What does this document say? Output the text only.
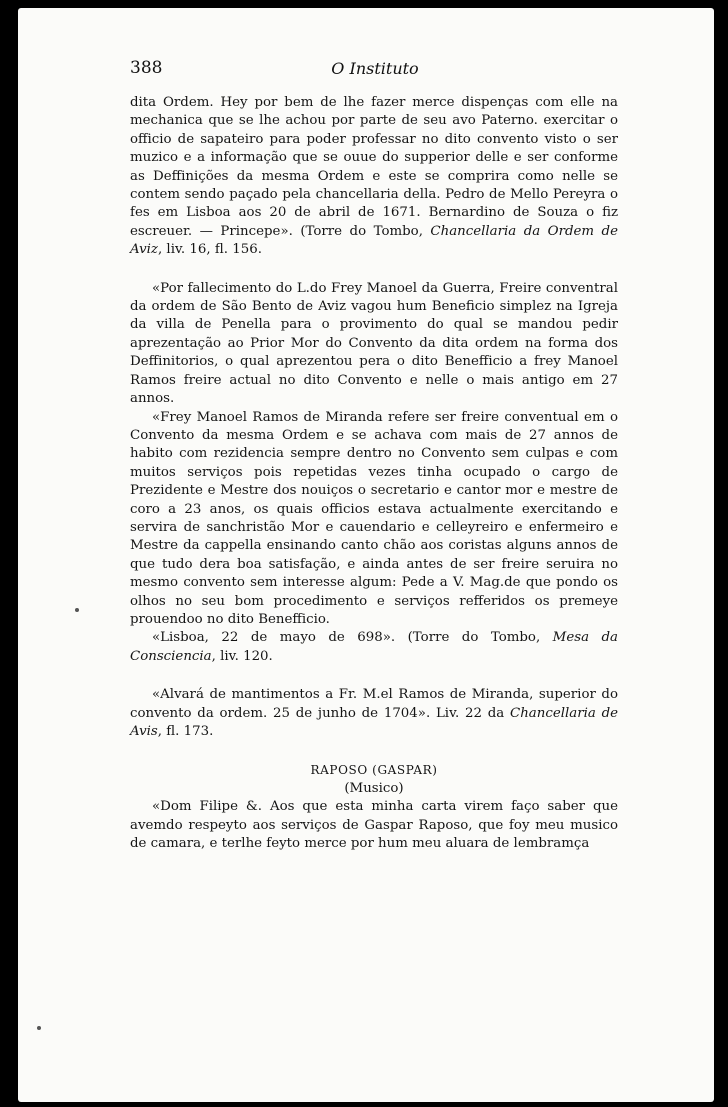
388	O Instituto

dita Ordem. Hey por bem de lhe fazer merce dispenças com elle na mechanica que se lhe achou por parte de seu avo Paterno. exercitar o officio de sapateiro para poder professar no dito convento visto o ser muzico e a informação que se ouue do supperior delle e ser conforme as Deffinições da mesma Ordem e este se comprira como nelle se contem sendo paçado pela chancellaria della. Pedro de Mello Pereyra o fes em Lisboa aos 20 de abril de 1671. Bernardino de Souza o fiz escreuer. — Princepe». (Torre do Tombo, Chancellaria da Ordem de Aviz, liv. 16, fl. 156.

«Por fallecimento do L.do Frey Manoel da Guerra, Freire conventral da ordem de São Bento de Aviz vagou hum Beneficio simplez na Igreja da villa de Penella para o provimento do qual se mandou pedir aprezentação ao Prior Mor do Convento da dita ordem na forma dos Deffinitorios, o qual aprezentou pera o dito Benefficio a frey Manoel Ramos freire actual no dito Convento e nelle o mais antigo em 27 annos.

«Frey Manoel Ramos de Miranda refere ser freire conventual em o Convento da mesma Ordem e se achava com mais de 27 annos de habito com rezidencia sempre dentro no Convento sem culpas e com muitos serviços pois repetidas vezes tinha ocupado o cargo de Prezidente e Mestre dos nouiços o secretario e cantor mor e mestre de coro a 23 anos, os quais officios estava actualmente exercitando e servira de sanchristão Mor e cauendario e celleyreiro e enfermeiro e Mestre da cappella ensinando canto chão aos coristas alguns annos de que tudo dera boa satisfação, e ainda antes de ser freire seruira no mesmo convento sem interesse algum: Pede a V. Mag.de que pondo os olhos no seu bom procedimento e serviços refferidos os premeye prouendoo no dito Benefficio.

«Lisboa, 22 de mayo de 698». (Torre do Tombo, Mesa da Consciencia, liv. 120.

«Alvará de mantimentos a Fr. M.el Ramos de Miranda, superior do convento da ordem. 25 de junho de 1704». Liv. 22 da Chancellaria de Avis, fl. 173.

RAPOSO (GASPAR)

(Musico)

«Dom Filipe &. Aos que esta minha carta virem faço saber que avemdo respeyto aos serviços de Gaspar Raposo, que foy meu musico de camara, e terlhe feyto merce por hum meu aluara de lembramça
